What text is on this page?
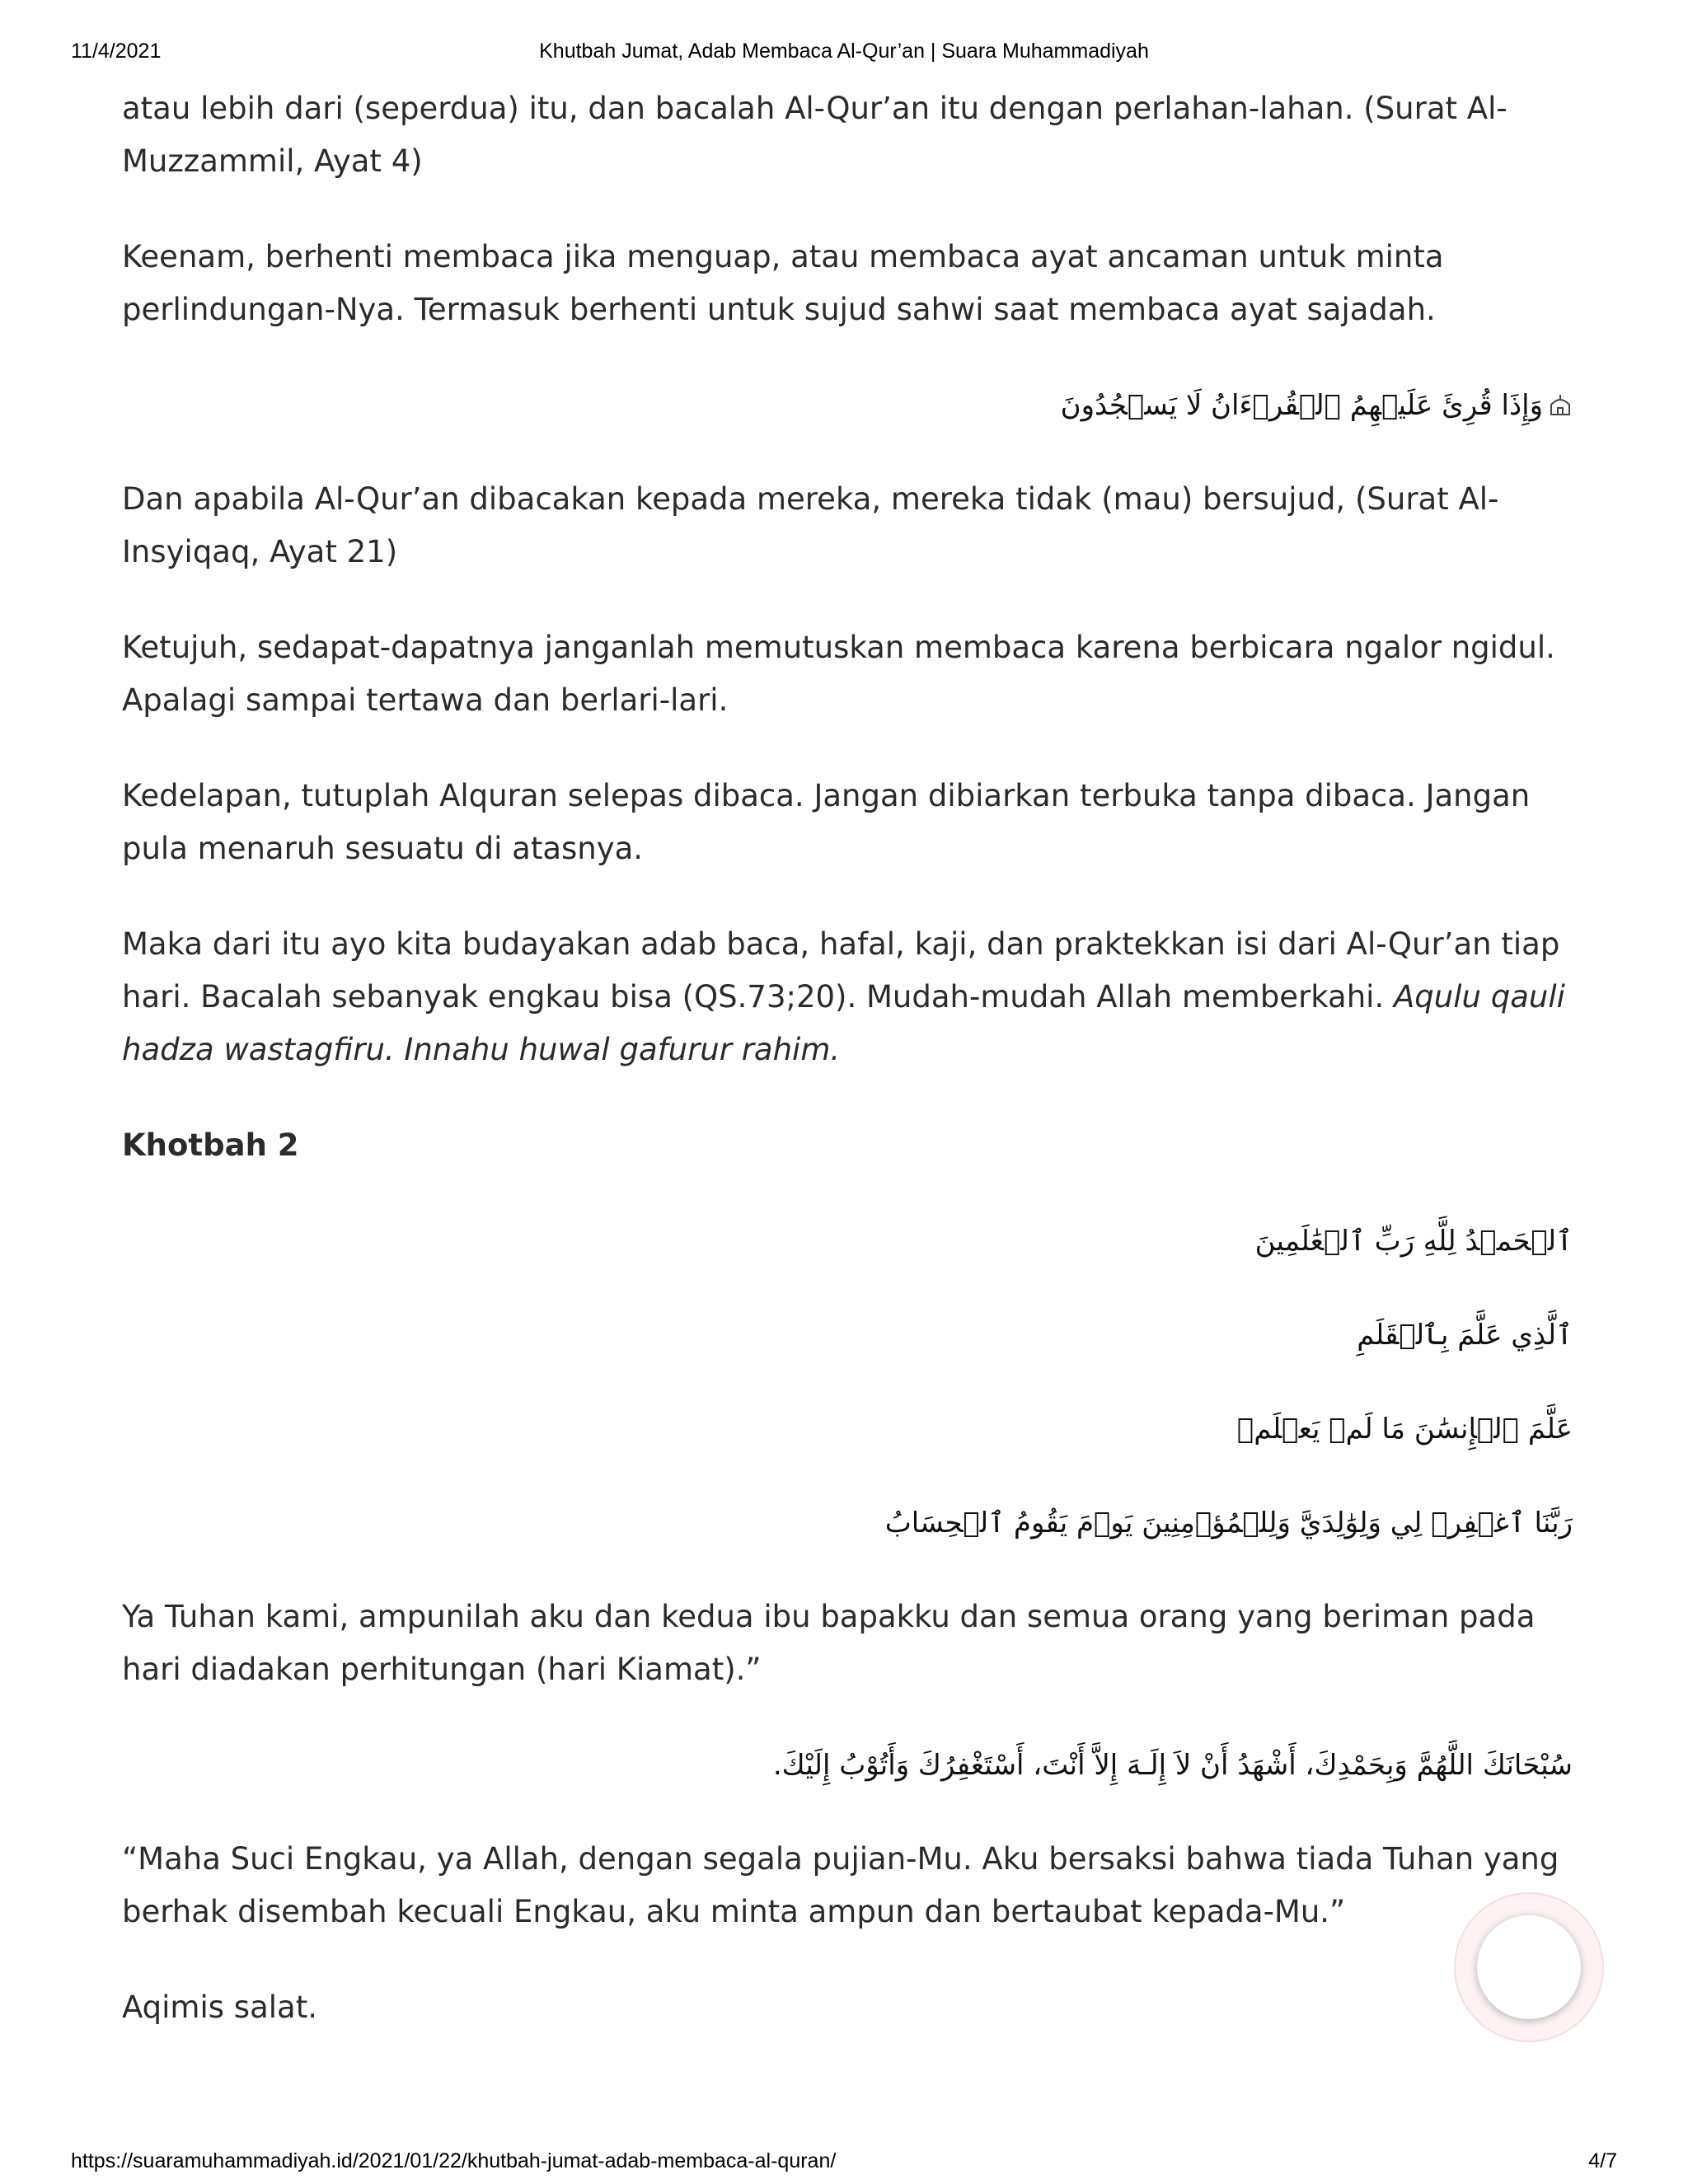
11/4/2021	Khutbah Jumat, Adab Membaca Al-Qur’an | Suara Muhammadiyah

atau lebih dari (seperdua) itu, dan bacalah Al-Qur’an itu dengan perlahan-lahan. (Surat Al-Muzzammil, Ayat 4)

Keenam, berhenti membaca jika menguap, atau membaca ayat ancaman untuk minta perlindungan-Nya. Termasuk berhenti untuk sujud sahwi saat membaca ayat sajadah.

وَإِذَا قُرِئَ عَلَيۡهِمُ ٱلۡقُرۡءَانُ لَا يَسۡجُدُونَ

Dan apabila Al-Qur’an dibacakan kepada mereka, mereka tidak (mau) bersujud, (Surat Al-Insyiqaq, Ayat 21)

Ketujuh, sedapat-dapatnya janganlah memutuskan membaca karena berbicara ngalor ngidul. Apalagi sampai tertawa dan berlari-lari.

Kedelapan, tutuplah Alquran selepas dibaca. Jangan dibiarkan terbuka tanpa dibaca. Jangan pula menaruh sesuatu di atasnya.

Maka dari itu ayo kita budayakan adab baca, hafal, kaji, dan praktekkan isi dari Al-Qur’an tiap hari. Bacalah sebanyak engkau bisa (QS.73;20). Mudah-mudah Allah memberkahi. Aqulu qauli hadza wastagfiru. Innahu huwal gafurur rahim.

Khotbah 2
ٱلۡحَمۡدُ لِلَّهِ رَبِّ ٱلۡعَٰلَمِينَ
ٱلَّذِي عَلَّمَ بِٱلۡقَلَمِ
عَلَّمَ ٱلۡإِنسَٰنَ مَا لَمۡ يَعۡلَمۡ
رَبَّنَا ٱغۡفِرۡ لِي وَلِوَٰلِدَيَّ وَلِلۡمُؤۡمِنِينَ يَوۡمَ يَقُومُ ٱلۡحِسَابُ

Ya Tuhan kami, ampunilah aku dan kedua ibu bapakku dan semua orang yang beriman pada hari diadakan perhitungan (hari Kiamat).”

سُبْحَانَكَ اللَّهُمَّ وَبِحَمْدِكَ، أَشْهَدُ أَنْ لاَ إِلَـهَ إِلاَّ أَنْتَ، أَسْتَغْفِرُكَ وَأَتُوْبُ إِلَيْكَ.

“Maha Suci Engkau, ya Allah, dengan segala pujian-Mu. Aku bersaksi bahwa tiada Tuhan yang berhak disembah kecuali Engkau, aku minta ampun dan bertaubat kepada-Mu.”

Aqimis salat.

https://suaramuhammadiyah.id/2021/01/22/khutbah-jumat-adab-membaca-al-quran/	4/7
